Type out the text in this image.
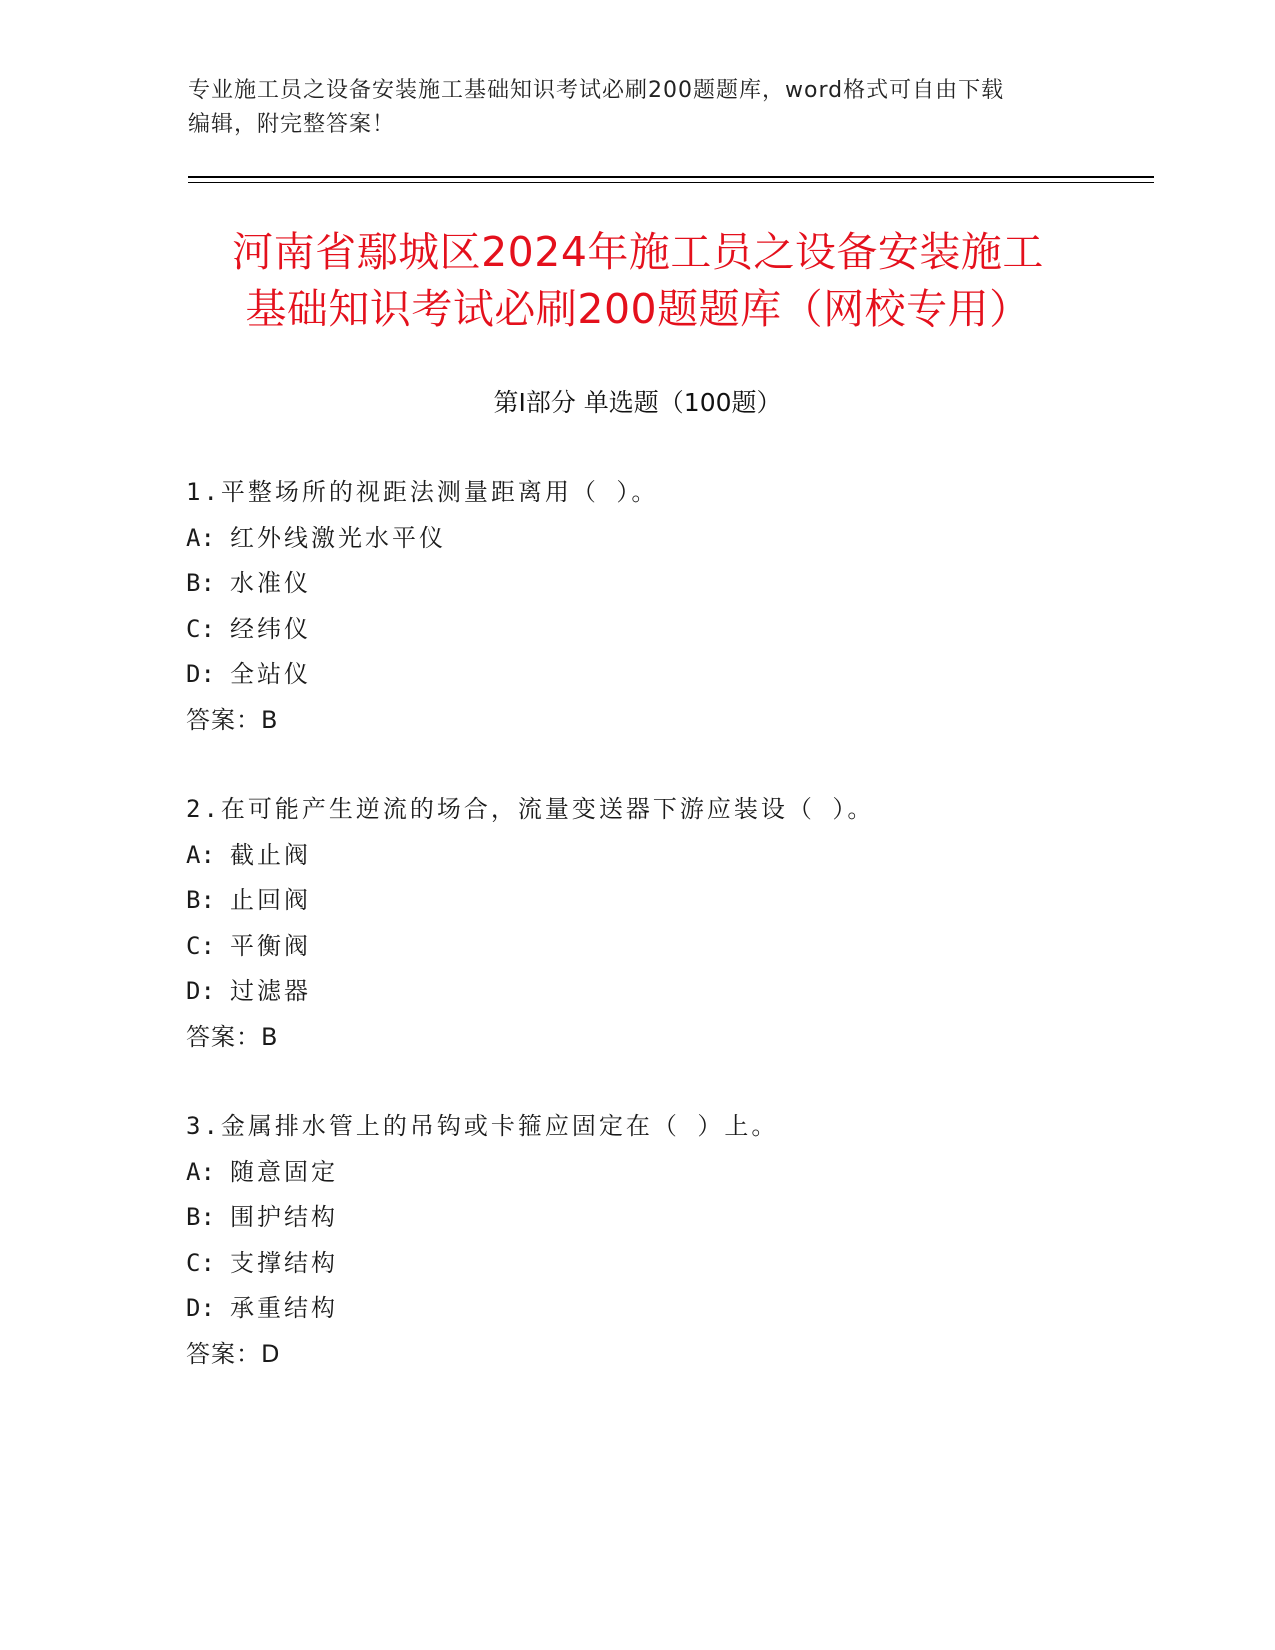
专业施工员之设备安装施工基础知识考试必刷200题题库，word格式可自由下载
编辑，附完整答案！
河南省鄢城区2024年施工员之设备安装施工
基础知识考试必刷200题题库（网校专用）
第Ⅰ部分 单选题（100题）
1.平整场所的视距法测量距离用（ ）。
A: 红外线激光水平仪
B: 水准仪
C: 经纬仪
D: 全站仪
答案：B
2.在可能产生逆流的场合，流量变送器下游应装设（ ）。
A: 截止阀
B: 止回阀
C: 平衡阀
D: 过滤器
答案：B
3.金属排水管上的吊钩或卡箍应固定在（ ）上。
A: 随意固定
B: 围护结构
C: 支撑结构
D: 承重结构
答案：D
